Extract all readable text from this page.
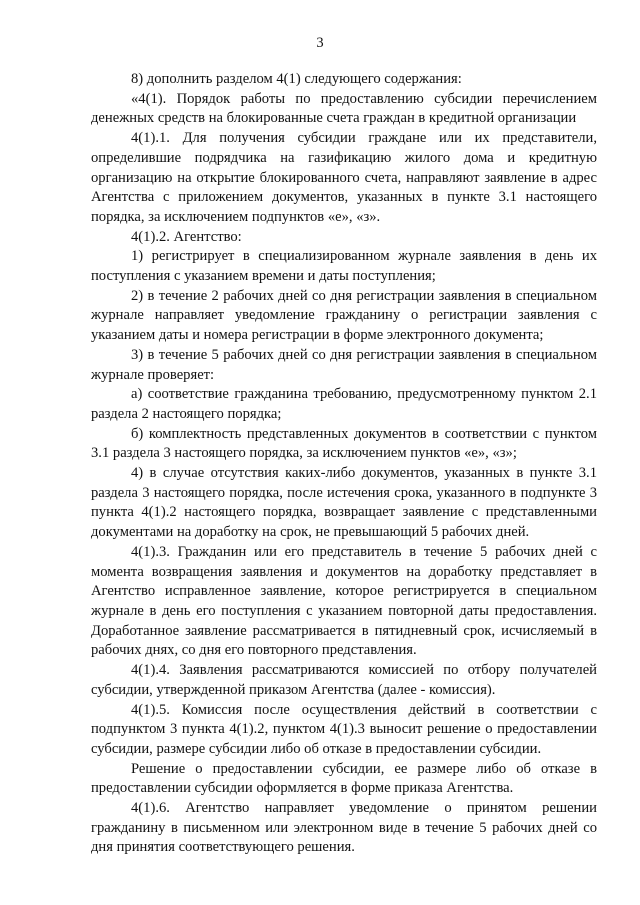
3

8) дополнить разделом 4(1) следующего содержания:

«4(1). Порядок работы по предоставлению субсидии перечислением денежных средств на блокированные счета граждан в кредитной организации

4(1).1. Для получения субсидии граждане или их представители, определившие подрядчика на газификацию жилого дома и кредитную организацию на открытие блокированного счета, направляют заявление в адрес Агентства с приложением документов, указанных в пункте 3.1 настоящего порядка, за исключением подпунктов «е», «з».

4(1).2. Агентство:

1) регистрирует в специализированном журнале заявления в день их поступления с указанием времени и даты поступления;

2) в течение 2 рабочих дней со дня регистрации заявления в специальном журнале направляет уведомление гражданину о регистрации заявления с указанием даты и номера регистрации в форме электронного документа;

3) в течение 5 рабочих дней со дня регистрации заявления в специальном журнале проверяет:

а) соответствие гражданина требованию, предусмотренному пунктом 2.1 раздела 2 настоящего порядка;

б) комплектность представленных документов в соответствии с пунктом 3.1 раздела 3 настоящего порядка, за исключением пунктов «е», «з»;

4) в случае отсутствия каких-либо документов, указанных в пункте 3.1 раздела 3 настоящего порядка, после истечения срока, указанного в подпункте 3 пункта 4(1).2 настоящего порядка, возвращает заявление с представленными документами на доработку на срок, не превышающий 5 рабочих дней.

4(1).3. Гражданин или его представитель в течение 5 рабочих дней с момента возвращения заявления и документов на доработку представляет в Агентство исправленное заявление, которое регистрируется в специальном журнале в день его поступления с указанием повторной даты предоставления. Доработанное заявление рассматривается в пятидневный срок, исчисляемый в рабочих днях, со дня его повторного представления.

4(1).4. Заявления рассматриваются комиссией по отбору получателей субсидии, утвержденной приказом Агентства (далее - комиссия).

4(1).5. Комиссия после осуществления действий в соответствии с подпунктом 3 пункта 4(1).2, пунктом 4(1).3 выносит решение о предоставлении субсидии, размере субсидии либо об отказе в предоставлении субсидии.

Решение о предоставлении субсидии, ее размере либо об отказе в предоставлении субсидии оформляется в форме приказа Агентства.

4(1).6. Агентство направляет уведомление о принятом решении гражданину в письменном или электронном виде в течение 5 рабочих дней со дня принятия соответствующего решения.
